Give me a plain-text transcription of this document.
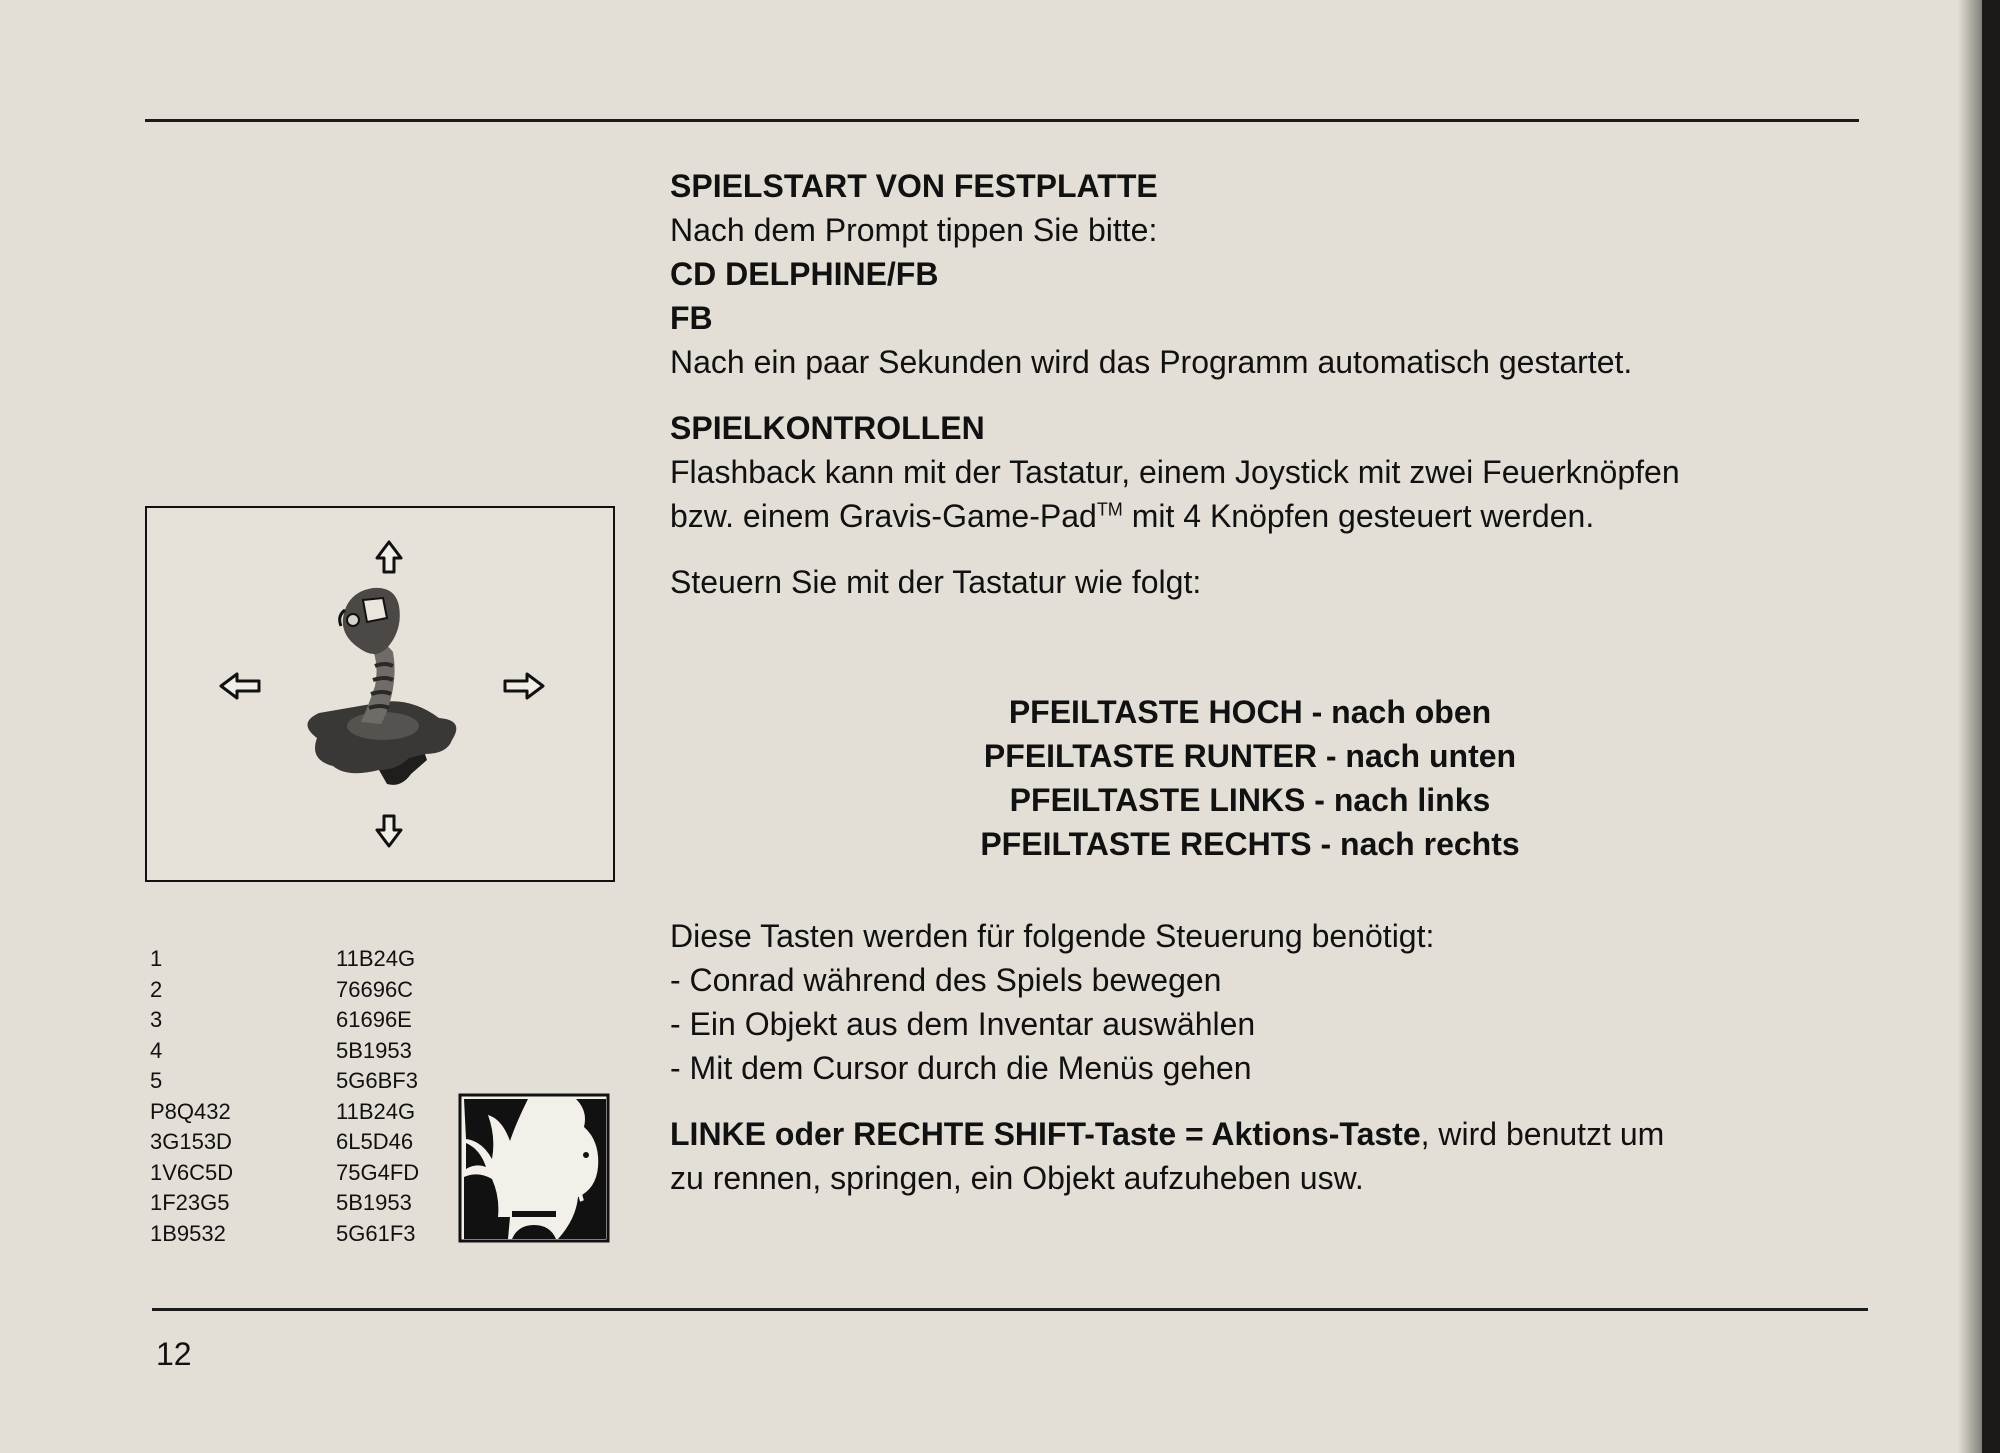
SPIELSTART VON FESTPLATTE
Nach dem Prompt tippen Sie bitte:
CD DELPHINE/FB
FB
Nach ein paar Sekunden wird das Programm automatisch gestartet.
SPIELKONTROLLEN
Flashback kann mit der Tastatur, einem Joystick mit zwei Feuerknöpfen
bzw. einem Gravis-Game-Pad™ mit 4 Knöpfen gesteuert werden.
Steuern Sie mit der Tastatur wie folgt:
PFEILTASTE HOCH - nach oben
PFEILTASTE RUNTER - nach unten
PFEILTASTE LINKS - nach links
PFEILTASTE RECHTS - nach rechts
Diese Tasten werden für folgende Steuerung benötigt:
- Conrad während des Spiels bewegen
- Ein Objekt aus dem Inventar auswählen
- Mit dem Cursor durch die Menüs gehen
LINKE oder RECHTE SHIFT-Taste = Aktions-Taste, wird benutzt um
zu rennen, springen, ein Objekt aufzuheben usw.
1	11B24G
2	76696C
3	61696E
4	5B1953
5	5G6BF3
P8Q432	11B24G
3G153D	6L5D46
1V6C5D	75G4FD
1F23G5	5B1953
1B9532	5G61F3
12
